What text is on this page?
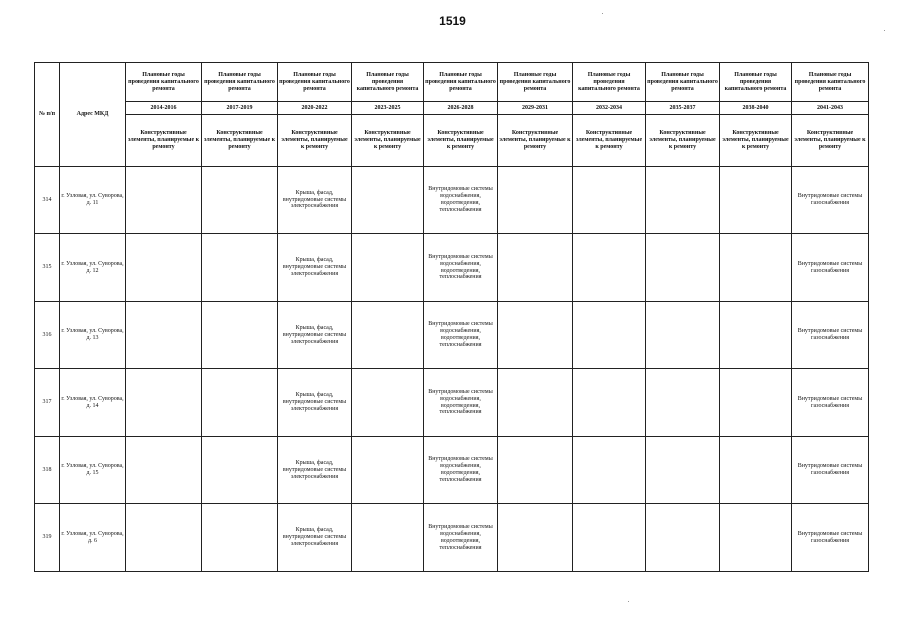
1519
№ п/п	Адрес МКД	Плановые годы проведения капитального ремонта	Плановые годы проведения капитального ремонта	Плановые годы проведения капитального ремонта	Плановые годы проведения капитального ремонта	Плановые годы проведения капитального ремонта	Плановые годы проведения капитального ремонта	Плановые годы проведения капитального ремонта	Плановые годы проведения капитального ремонта	Плановые годы проведения капитального ремонта	Плановые годы проведения капитального ремонта
		2014-2016	2017-2019	2020-2022	2023-2025	2026-2028	2029-2031	2032-2034	2035-2037	2038-2040	2041-2043
		Конструктивные элементы, планируемые к ремонту	Конструктивные элементы, планируемые к ремонту	Конструктивные элементы, планируемые к ремонту	Конструктивные элементы, планируемые к ремонту	Конструктивные элементы, планируемые к ремонту	Конструктивные элементы, планируемые к ремонту	Конструктивные элементы, планируемые к ремонту	Конструктивные элементы, планируемые к ремонту	Конструктивные элементы, планируемые к ремонту	Конструктивные элементы, планируемые к ремонту
314	г. Узловая, ул. Суворова, д. 11			Крыша, фасад, внутридомовые системы электроснабжения		Внутридомовые системы водоснабжения, водоотведения, теплоснабжения					Внутридомовые системы газоснабжения
315	г. Узловая, ул. Суворова, д. 12			Крыша, фасад, внутридомовые системы электроснабжения		Внутридомовые системы водоснабжения, водоотведения, теплоснабжения					Внутридомовые системы газоснабжения
316	г. Узловая, ул. Суворова, д. 13			Крыша, фасад, внутридомовые системы электроснабжения		Внутридомовые системы водоснабжения, водоотведения, теплоснабжения					Внутридомовые системы газоснабжения
317	г. Узловая, ул. Суворова, д. 14			Крыша, фасад, внутридомовые системы электроснабжения		Внутридомовые системы водоснабжения, водоотведения, теплоснабжения					Внутридомовые системы газоснабжения
318	г. Узловая, ул. Суворова, д. 15			Крыша, фасад, внутридомовые системы электроснабжения		Внутридомовые системы водоснабжения, водоотведения, теплоснабжения					Внутридомовые системы газоснабжения
319	г. Узловая, ул. Суворова, д. 6			Крыша, фасад, внутридомовые системы электроснабжения		Внутридомовые системы водоснабжения, водоотведения, теплоснабжения					Внутридомовые системы газоснабжения
